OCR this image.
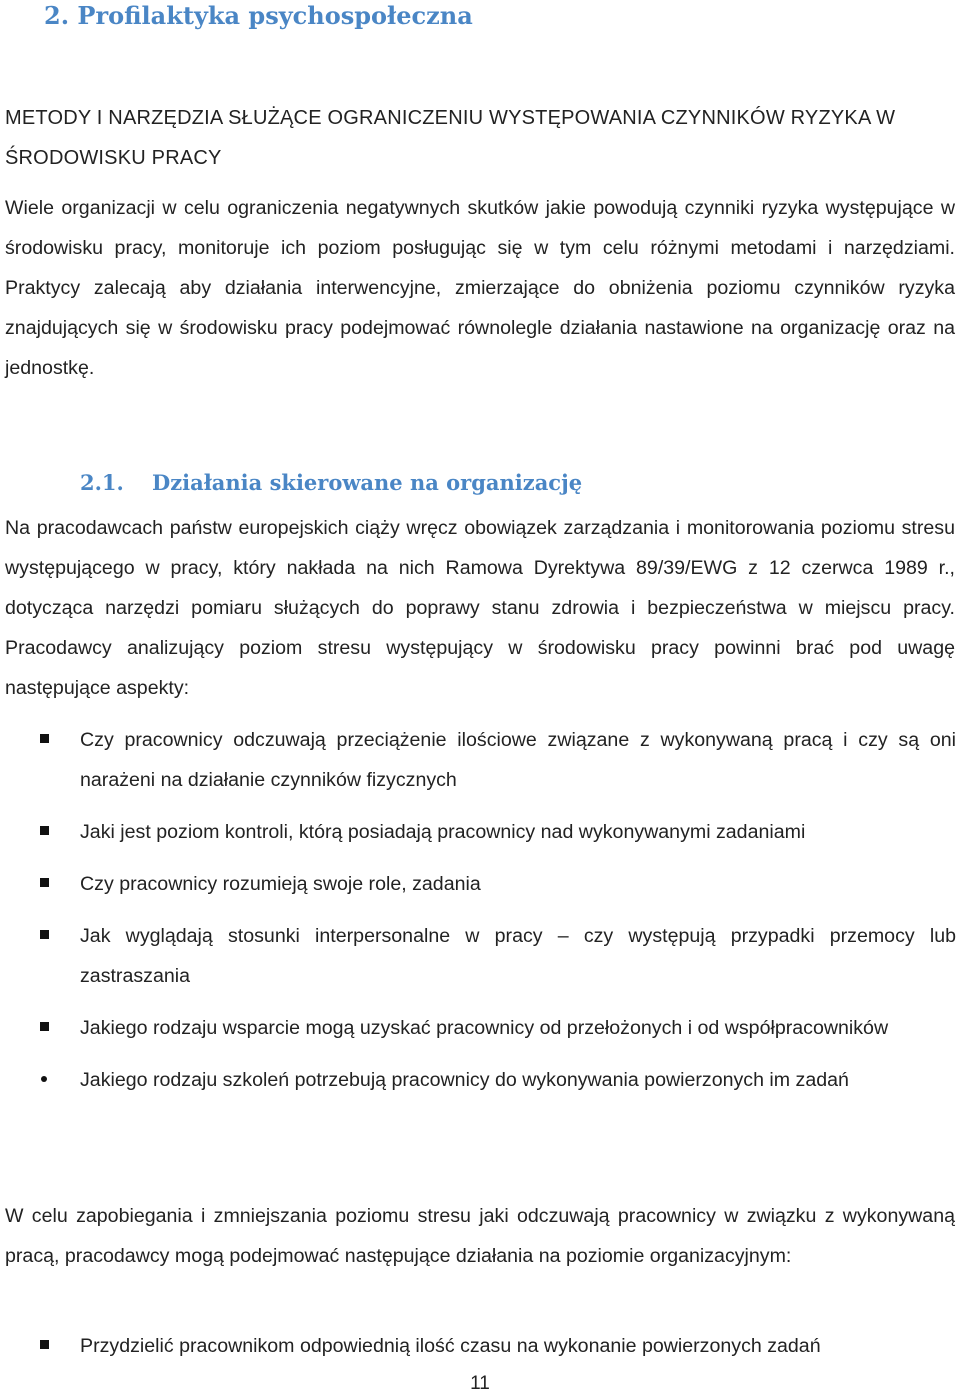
2. Profilaktyka psychospołeczna

METODY I NARZĘDZIA SŁUŻĄCE OGRANICZENIU WYSTĘPOWANIA CZYNNIKÓW RYZYKA W ŚRODOWISKU PRACY

Wiele organizacji w celu ograniczenia negatywnych skutków jakie powodują czynniki ryzyka występujące w środowisku pracy, monitoruje ich poziom posługując się w tym celu różnymi metodami i narzędziami. Praktycy zalecają aby działania interwencyjne, zmierzające do obniżenia poziomu czynników ryzyka znajdujących się w środowisku pracy podejmować równolegle działania nastawione na organizację oraz na jednostkę.

2.1. Działania skierowane na organizację

Na pracodawcach państw europejskich ciąży wręcz obowiązek zarządzania i monitorowania poziomu stresu występującego w pracy, który nakłada na nich Ramowa Dyrektywa 89/39/EWG z 12 czerwca 1989 r., dotycząca narzędzi pomiaru służących do poprawy stanu zdrowia i bezpieczeństwa w miejscu pracy. Pracodawcy analizujący poziom stresu występujący w środowisku pracy powinni brać pod uwagę następujące aspekty:

Czy pracownicy odczuwają przeciążenie ilościowe związane z wykonywaną pracą i czy są oni narażeni na działanie czynników fizycznych
Jaki jest poziom kontroli, którą posiadają pracownicy nad wykonywanymi zadaniami
Czy pracownicy rozumieją swoje role, zadania
Jak wyglądają stosunki interpersonalne w pracy – czy występują przypadki przemocy lub zastraszania
Jakiego rodzaju wsparcie mogą uzyskać pracownicy od przełożonych i od współpracowników
Jakiego rodzaju szkoleń potrzebują pracownicy do wykonywania powierzonych im zadań

W celu zapobiegania i zmniejszania poziomu stresu jaki odczuwają pracownicy w związku z wykonywaną pracą, pracodawcy mogą podejmować następujące działania na poziomie organizacyjnym:

Przydzielić pracownikom odpowiednią ilość czasu na wykonanie powierzonych zadań
11
